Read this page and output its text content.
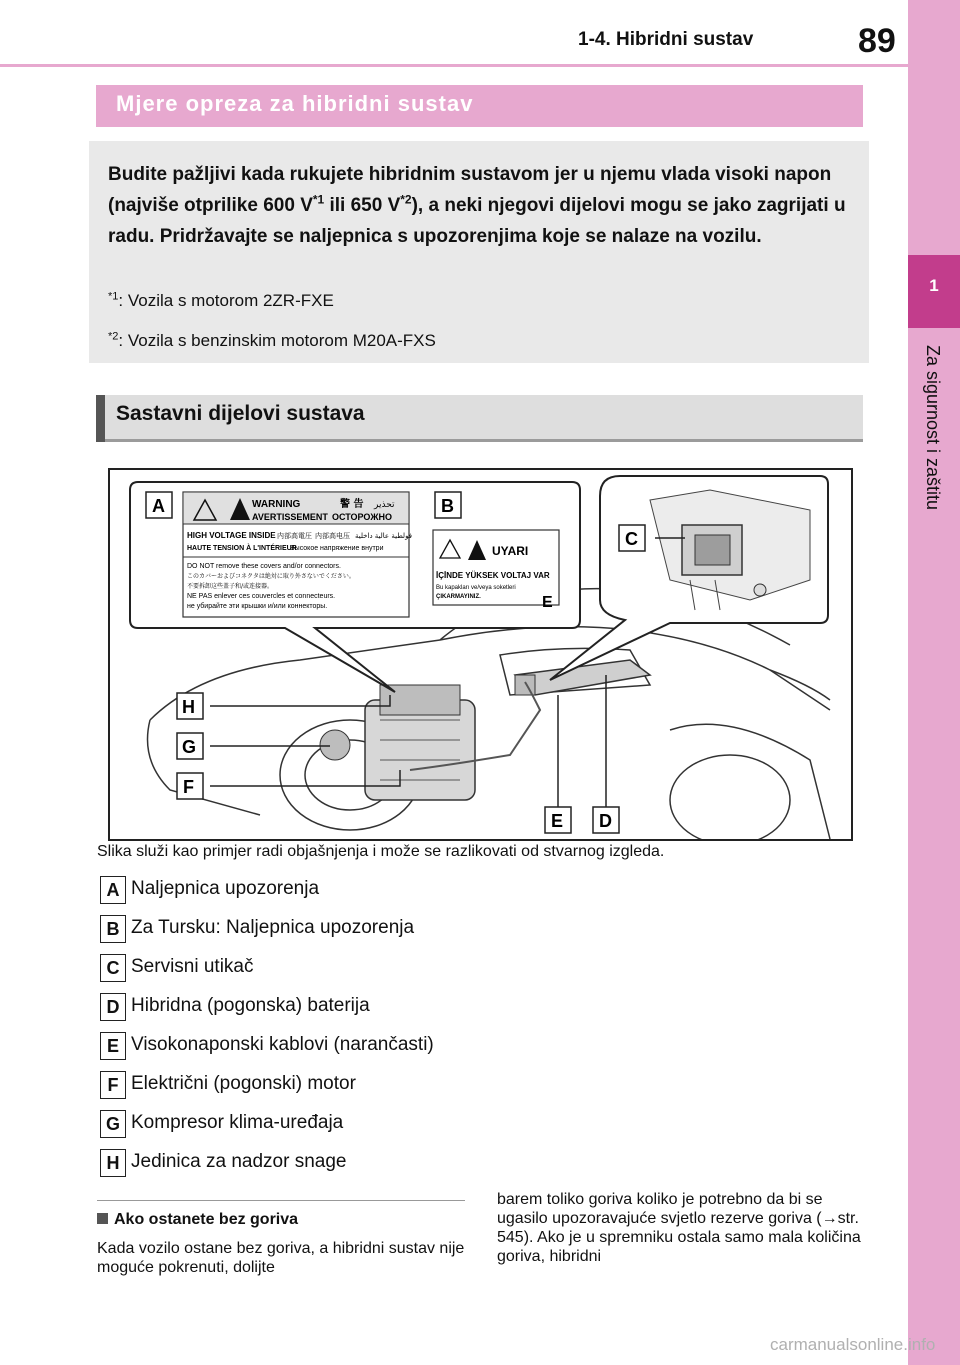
1-4. Hibridni sustav	89
1
Za sigurnost i zaštitu
Mjere opreza za hibridni sustav
Budite pažljivi kada rukujete hibridnim sustavom jer u njemu vlada visoki napon (najviše otprilike 600 $V^{*1}$ ili 650 $V^{*2}$), a neki njegovi dijelovi mogu se jako zagrijati u radu. Pridržavajte se naljepnica s upozorenjima koje se nalaze na vozilu.
$^{*1}$: Vozila s motorom 2ZR-FXE
$^{*2}$: Vozila s benzinskim motorom M20A-FXS
Sastavni dijelovi sustava
WARNING
AVERTISSEMENT
警 告
ОСТОРОЖНО
تحذير
HIGH VOLTAGE INSIDE 内部高電圧 内部高电压 فولطية عالية داخلية
HAUTE TENSION À L'INTÉRIEUR
Высокое напряжение внутри
DO NOT remove these covers and/or connectors.
このカバーおよびコネクタは絶対に取り外さないでください。
不要拆卸这些盖子和/或连接器。
NE PAS enlever ces couvercles et connecteurs.
не убирайте эти крышки и/или коннекторы.
UYARI
İÇİNDE YÜKSEK VOLTAJ VAR
Bu kapakları ve/veya soketleri
ÇIKARMAYINIZ.
A	B
C
D
E
E
F
G
H
Slika služi kao primjer radi objašnjenja i može se razlikovati od stvarnog izgleda.
A Naljepnica upozorenja
B Za Tursku: Naljepnica upozorenja
C Servisni utikač
D Hibridna (pogonska) baterija
E Visokonaponski kablovi (narančasti)
F Električni (pogonski) motor
G Kompresor klima-uređaja
H Jedinica za nadzor snage
Ako ostanete bez goriva
Kada vozilo ostane bez goriva, a hibridni sustav nije moguće pokrenuti, dolijte
barem toliko goriva koliko je potrebno da bi se ugasilo upozoravajuće svjetlo rezerve goriva (→str. 545). Ako je u spremniku ostala samo mala količina goriva, hibridni
carmanualsonline.info
